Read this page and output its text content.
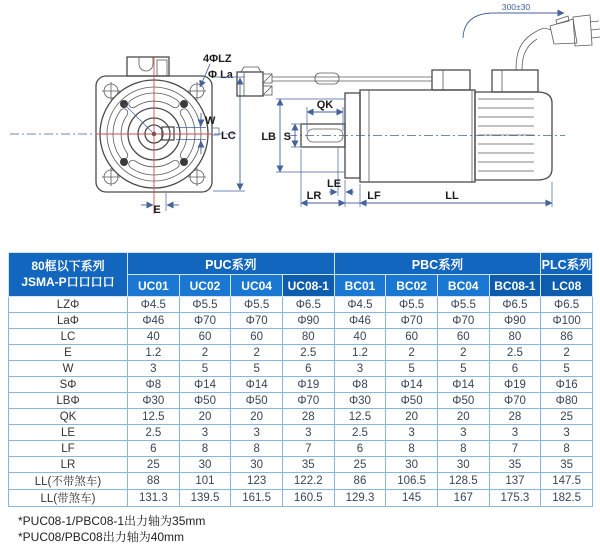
4ΦLZ
Φ La
W
LC
E
300±30
QK
S
LB
LE
LR	LF	LL
80框以下系列
JSMA-P口口口口	PUC系列				PBC系列				PLC系列
	UC01	UC02	UC04	UC08-1	BC01	BC02	BC04	BC08-1	LC08
LZΦ	Φ4.5	Φ5.5	Φ5.5	Φ6.5	Φ4.5	Φ5.5	Φ5.5	Φ6.5	Φ6.5
LaΦ	Φ46	Φ70	Φ70	Φ90	Φ46	Φ70	Φ70	Φ90	Φ100
LC	40	60	60	80	40	60	60	80	86
E	1.2	2	2	2.5	1.2	2	2	2.5	2
W	3	5	5	6	3	5	5	6	5
SΦ	Φ8	Φ14	Φ14	Φ19	Φ8	Φ14	Φ14	Φ19	Φ16
LBΦ	Φ30	Φ50	Φ50	Φ70	Φ30	Φ50	Φ50	Φ70	Φ80
QK	12.5	20	20	28	12.5	20	20	28	25
LE	2.5	3	3	3	2.5	3	3	3	3
LF	6	8	8	7	6	8	8	7	8
LR	25	30	30	35	25	30	30	35	35
LL(不带煞车)	88	101	123	122.2	86	106.5	128.5	137	147.5
LL(带煞车)	131.3	139.5	161.5	160.5	129.3	145	167	175.3	182.5
*PUC08-1/PBC08-1出力轴为35mm
*PUC08/PBC08出力轴为40mm
